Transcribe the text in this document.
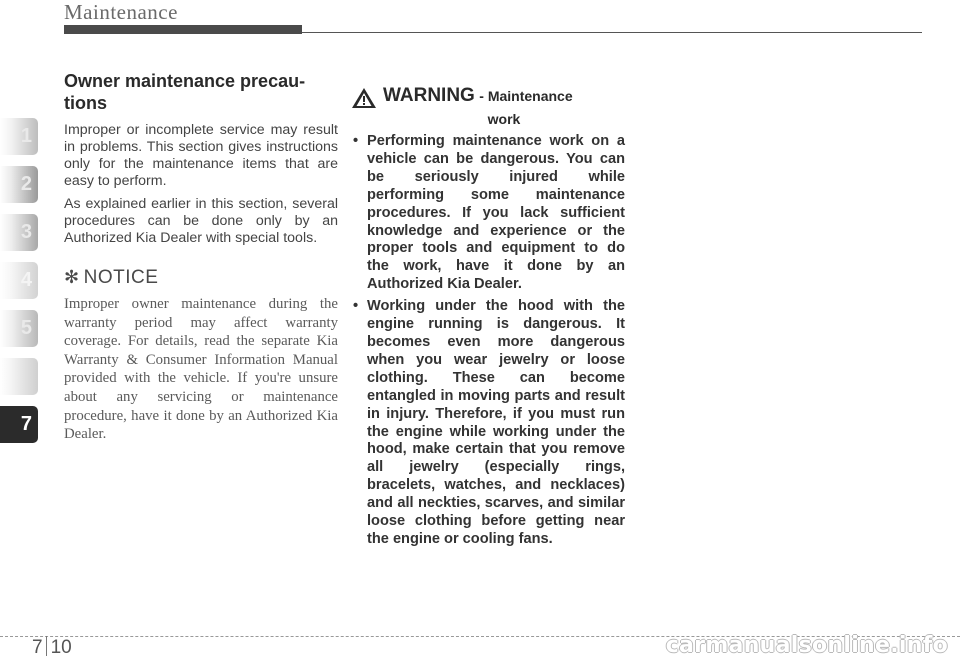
Maintenance
1
2
3
4
5
7
Owner maintenance precau-tions

Improper or incomplete service may result in problems. This section gives instructions only for the maintenance items that are easy to perform.

As explained earlier in this section, several procedures can be done only by an Authorized Kia Dealer with special tools.

✻ NOTICE

Improper owner maintenance during the warranty period may affect warranty coverage. For details, read the separate Kia Warranty & Consumer Information Manual provided with the vehicle. If you're unsure about any servicing or maintenance procedure, have it done by an Authorized Kia Dealer.

WARNING - Maintenance
work

• Performing maintenance work on a vehicle can be dangerous. You can be seriously injured while performing some maintenance procedures. If you lack sufficient knowledge and experience or the proper tools and equipment to do the work, have it done by an Authorized Kia Dealer.

• Working under the hood with the engine running is dangerous. It becomes even more dangerous when you wear jewelry or loose clothing. These can become entangled in moving parts and result in injury. Therefore, if you must run the engine while working under the hood, make certain that you remove all jewelry (especially rings, bracelets, watches, and necklaces) and all neckties, scarves, and similar loose clothing before getting near the engine or cooling fans.

7 10	carmanualsonline.info
